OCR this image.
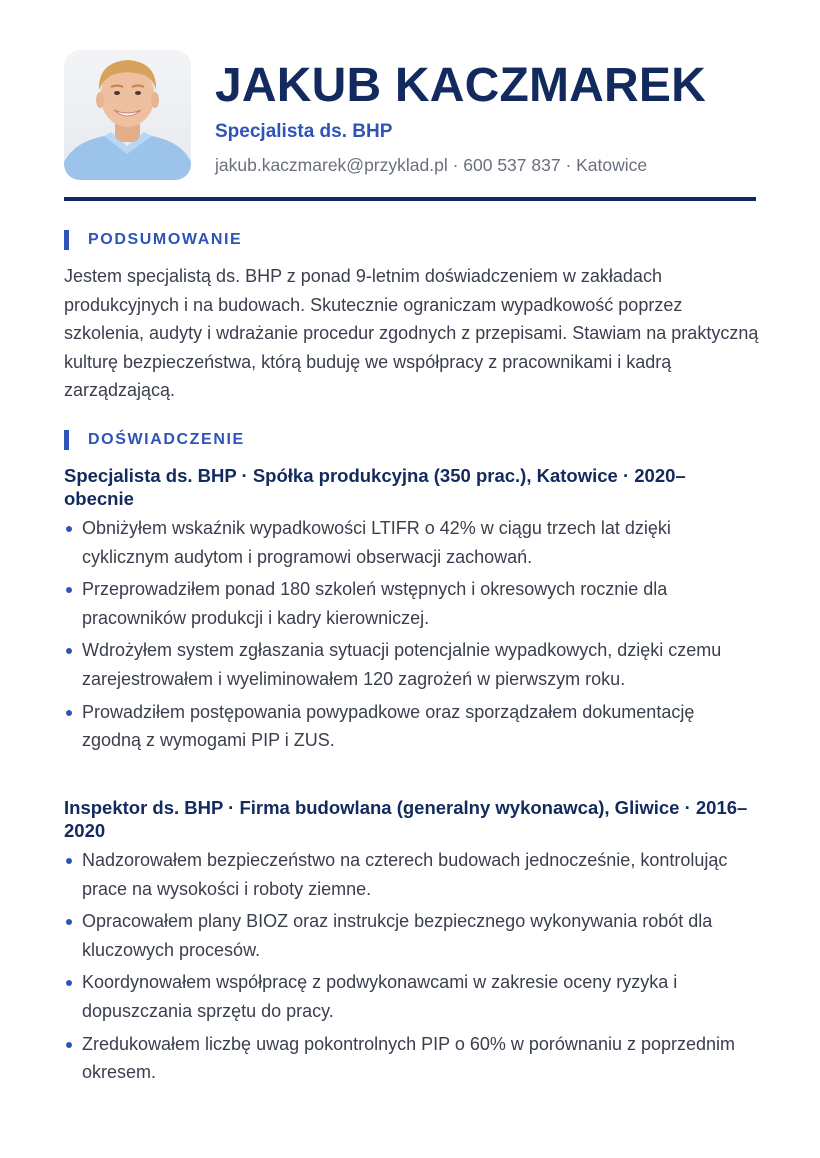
JAKUB KACZMAREK
Specjalista ds. BHP
jakub.kaczmarek@przyklad.pl · 600 537 837 · Katowice
PODSUMOWANIE
Jestem specjalistą ds. BHP z ponad 9-letnim doświadczeniem w zakładach produkcyjnych i na budowach. Skutecznie ograniczam wypadkowość poprzez szkolenia, audyty i wdrażanie procedur zgodnych z przepisami. Stawiam na praktyczną kulturę bezpieczeństwa, którą buduję we współpracy z pracownikami i kadrą zarządzającą.
DOŚWIADCZENIE
Specjalista ds. BHP · Spółka produkcyjna (350 prac.), Katowice · 2020–obecnie
Obniżyłem wskaźnik wypadkowości LTIFR o 42% w ciągu trzech lat dzięki cyklicznym audytom i programowi obserwacji zachowań.
Przeprowadziłem ponad 180 szkoleń wstępnych i okresowych rocznie dla pracowników produkcji i kadry kierowniczej.
Wdrożyłem system zgłaszania sytuacji potencjalnie wypadkowych, dzięki czemu zarejestrowałem i wyeliminowałem 120 zagrożeń w pierwszym roku.
Prowadziłem postępowania powypadkowe oraz sporządzałem dokumentację zgodną z wymogami PIP i ZUS.
Inspektor ds. BHP · Firma budowlana (generalny wykonawca), Gliwice · 2016–2020
Nadzorowałem bezpieczeństwo na czterech budowach jednocześnie, kontrolując prace na wysokości i roboty ziemne.
Opracowałem plany BIOZ oraz instrukcje bezpiecznego wykonywania robót dla kluczowych procesów.
Koordynowałem współpracę z podwykonawcami w zakresie oceny ryzyka i dopuszczania sprzętu do pracy.
Zredukowałem liczbę uwag pokontrolnych PIP o 60% w porównaniu z poprzednim okresem.
